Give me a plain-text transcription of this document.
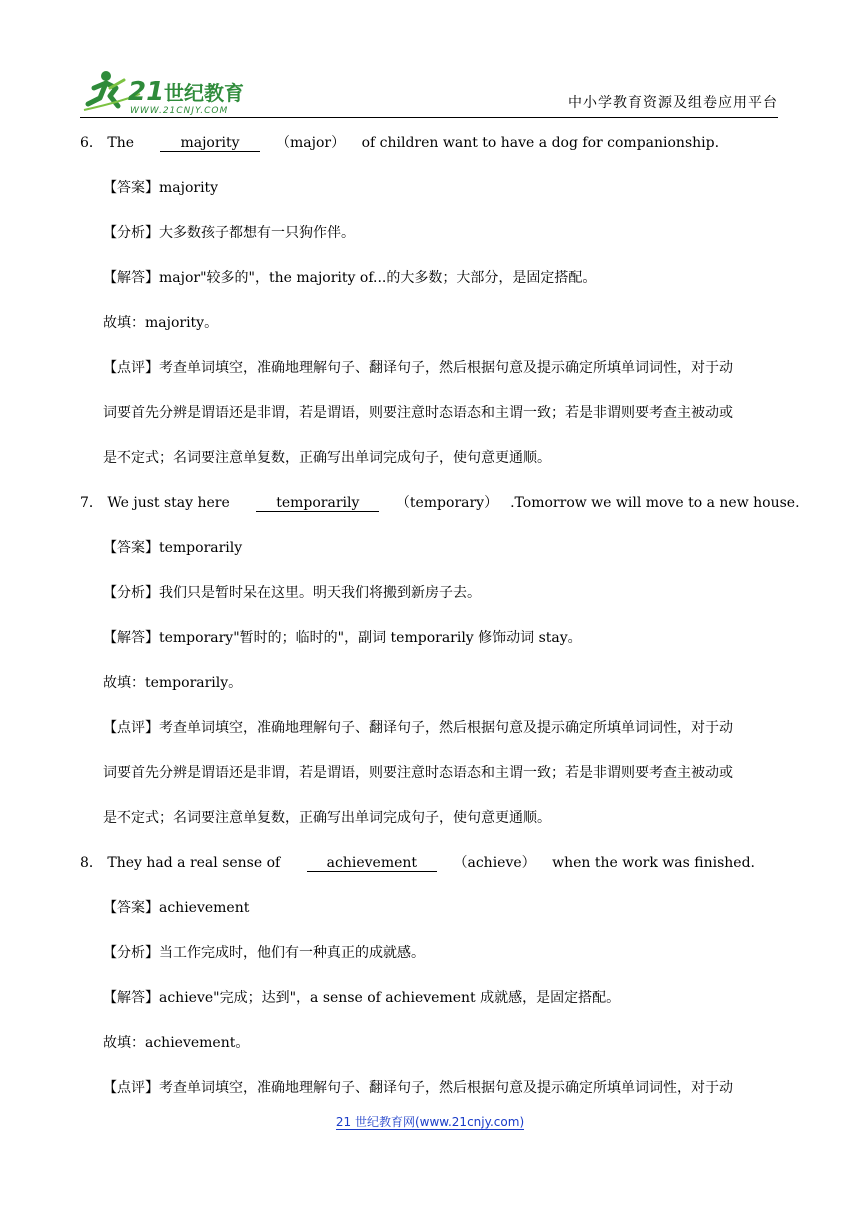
21 世纪教育
WWW.21CNJY.COM	中小学教育资源及组卷应用平台
6． The	majority	（major） of children want to have a dog for companionship.
【答案】majority
【分析】大多数孩子都想有一只狗作伴。
【解答】major"较多的"，the majority of...的大多数；大部分，是固定搭配。
故填：majority。
【点评】考查单词填空，准确地理解句子、翻译句子，然后根据句意及提示确定所填单词词性，对于动
词要首先分辨是谓语还是非谓，若是谓语，则要注意时态语态和主谓一致；若是非谓则要考查主被动或
是不定式；名词要注意单复数，正确写出单词完成句子，使句意更通顺。
7． We just stay here	temporarily	（temporary） .Tomorrow we will move to a new house.
【答案】temporarily
【分析】我们只是暂时呆在这里。明天我们将搬到新房子去。
【解答】temporary"暂时的；临时的"，副词 temporarily 修饰动词 stay。
故填：temporarily。
【点评】考查单词填空，准确地理解句子、翻译句子，然后根据句意及提示确定所填单词词性，对于动
词要首先分辨是谓语还是非谓，若是谓语，则要注意时态语态和主谓一致；若是非谓则要考查主被动或
是不定式；名词要注意单复数，正确写出单词完成句子，使句意更通顺。
8． They had a real sense of	achievement	（achieve） when the work was finished.
【答案】achievement
【分析】当工作完成时，他们有一种真正的成就感。
【解答】achieve"完成；达到"，a sense of achievement 成就感，是固定搭配。
故填：achievement。
【点评】考查单词填空，准确地理解句子、翻译句子，然后根据句意及提示确定所填单词词性，对于动
21 世纪教育网(www.21cnjy.com)
